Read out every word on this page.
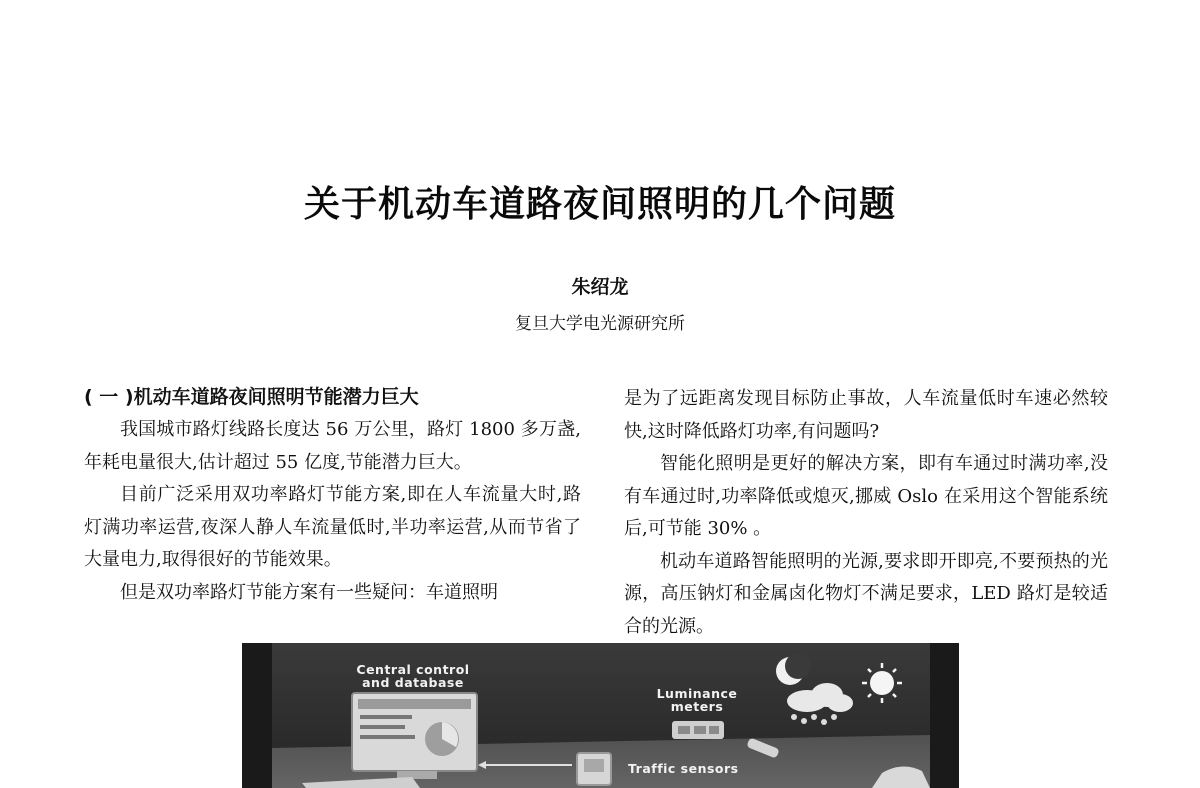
关于机动车道路夜间照明的几个问题
朱绍龙
复旦大学电光源研究所
( 一 )机动车道路夜间照明节能潜力巨大

我国城市路灯线路长度达 56 万公里，路灯 1800 多万盏,年耗电量很大,估计超过 55 亿度,节能潜力巨大。

目前广泛采用双功率路灯节能方案,即在人车流量大时,路灯满功率运营,夜深人静人车流量低时,半功率运营,从而节省了大量电力,取得很好的节能效果。

但是双功率路灯节能方案有一些疑问：车道照明

是为了远距离发现目标防止事故，人车流量低时车速必然较快,这时降低路灯功率,有问题吗?

智能化照明是更好的解决方案，即有车通过时满功率,没有车通过时,功率降低或熄灭,挪威 Oslo 在采用这个智能系统后,可节能 30% 。

机动车道路智能照明的光源,要求即开即亮,不要预热的光源，高压钠灯和金属卤化物灯不满足要求，LED 路灯是较适合的光源。

Central control
and database
Luminance
meters
Traffic sensors
